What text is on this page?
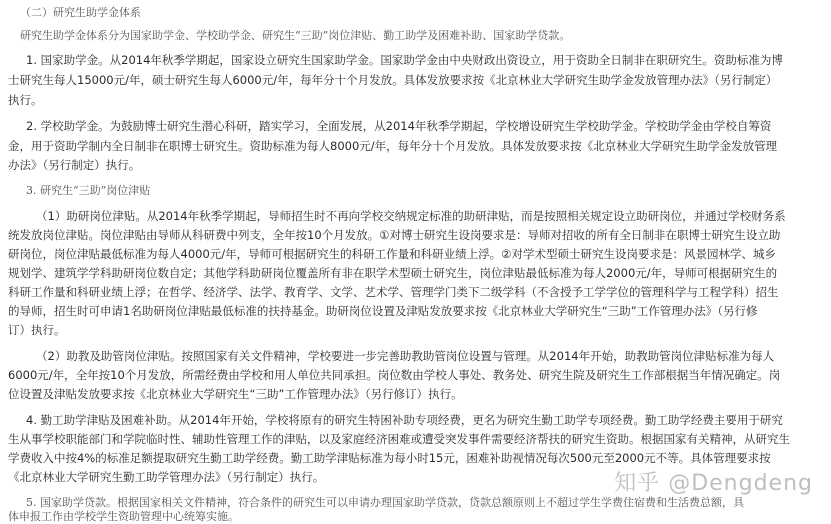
（二）研究生助学金体系

研究生助学金体系分为国家助学金、学校助学金、研究生“三助”岗位津贴、勤工助学及困难补助、国家助学贷款。

1. 国家助学金。从2014年秋季学期起，国家设立研究生国家助学金。国家助学金由中央财政出资设立，用于资助全日制非在职研究生。资助标准为博

士研究生每人15000元/年，硕士研究生每人6000元/年，每年分十个月发放。具体发放要求按《北京林业大学研究生助学金发放管理办法》（另行制定）

执行。

2. 学校助学金。为鼓励博士研究生潜心科研，踏实学习，全面发展，从2014年秋季学期起，学校增设研究生学校助学金。学校助学金由学校自筹资

金，用于资助学制内全日制非在职博士研究生。资助标准为每人8000元/年，每年分十个月发放。具体发放要求按《北京林业大学研究生助学金发放管理

办法》（另行制定）执行。

3. 研究生“三助”岗位津贴

（1）助研岗位津贴。从2014年秋季学期起，导师招生时不再向学校交纳规定标准的助研津贴，而是按照相关规定设立助研岗位，并通过学校财务系

统发放岗位津贴。岗位津贴由导师从科研费中列支，全年按10个月发放。①对博士研究生设岗要求是：导师对招收的所有全日制非在职博士研究生设立助

研岗位，岗位津贴最低标准为每人4000元/年，导师可根据研究生的科研工作量和科研业绩上浮。②对学术型硕士研究生设岗要求是：风景园林学、城乡

规划学、建筑学学科助研岗位数自定；其他学科助研岗位覆盖所有非在职学术型硕士研究生，岗位津贴最低标准为每人2000元/年，导师可根据研究生的

科研工作量和科研业绩上浮；在哲学、经济学、法学、教育学、文学、艺术学、管理学门类下二级学科（不含授予工学学位的管理科学与工程学科）招生

的导师，招生时可申请1名助研岗位津贴最低标准的扶持基金。助研岗位设置及津贴发放要求按《北京林业大学研究生“三助”工作管理办法》（另行修

订）执行。

（2）助教及助管岗位津贴。按照国家有关文件精神，学校要进一步完善助教助管岗位设置与管理。从2014年开始，助教助管岗位津贴标准为每人

6000元/年，全年按10个月发放，所需经费由学校和用人单位共同承担。岗位数由学校人事处、教务处、研究生院及研究生工作部根据当年情况确定。岗

位设置及津贴发放要求按《北京林业大学研究生“三助”工作管理办法》（另行修订）执行。

4. 勤工助学津贴及困难补助。从2014年开始，学校将原有的研究生特困补助专项经费，更名为研究生勤工助学专项经费。勤工助学经费主要用于研究

生从事学校职能部门和学院临时性、辅助性管理工作的津贴，以及家庭经济困难或遭受突发事件需要经济帮扶的研究生资助。根据国家有关精神，从研究生

学费收入中按4%的标准足额提取研究生勤工助学经费。勤工助学津贴标准为每小时15元，困难补助视情况每次500元至2000元不等。具体管理要求按

《北京林业大学研究生勤工助学管理办法》（另行制定）执行。

5. 国家助学贷款。根据国家相关文件精神，符合条件的研究生可以申请办理国家助学贷款，贷款总额原则上不超过学生学费住宿费和生活费总额，具

体申报工作由学校学生资助管理中心统筹实施。

知乎 @Dengdeng
